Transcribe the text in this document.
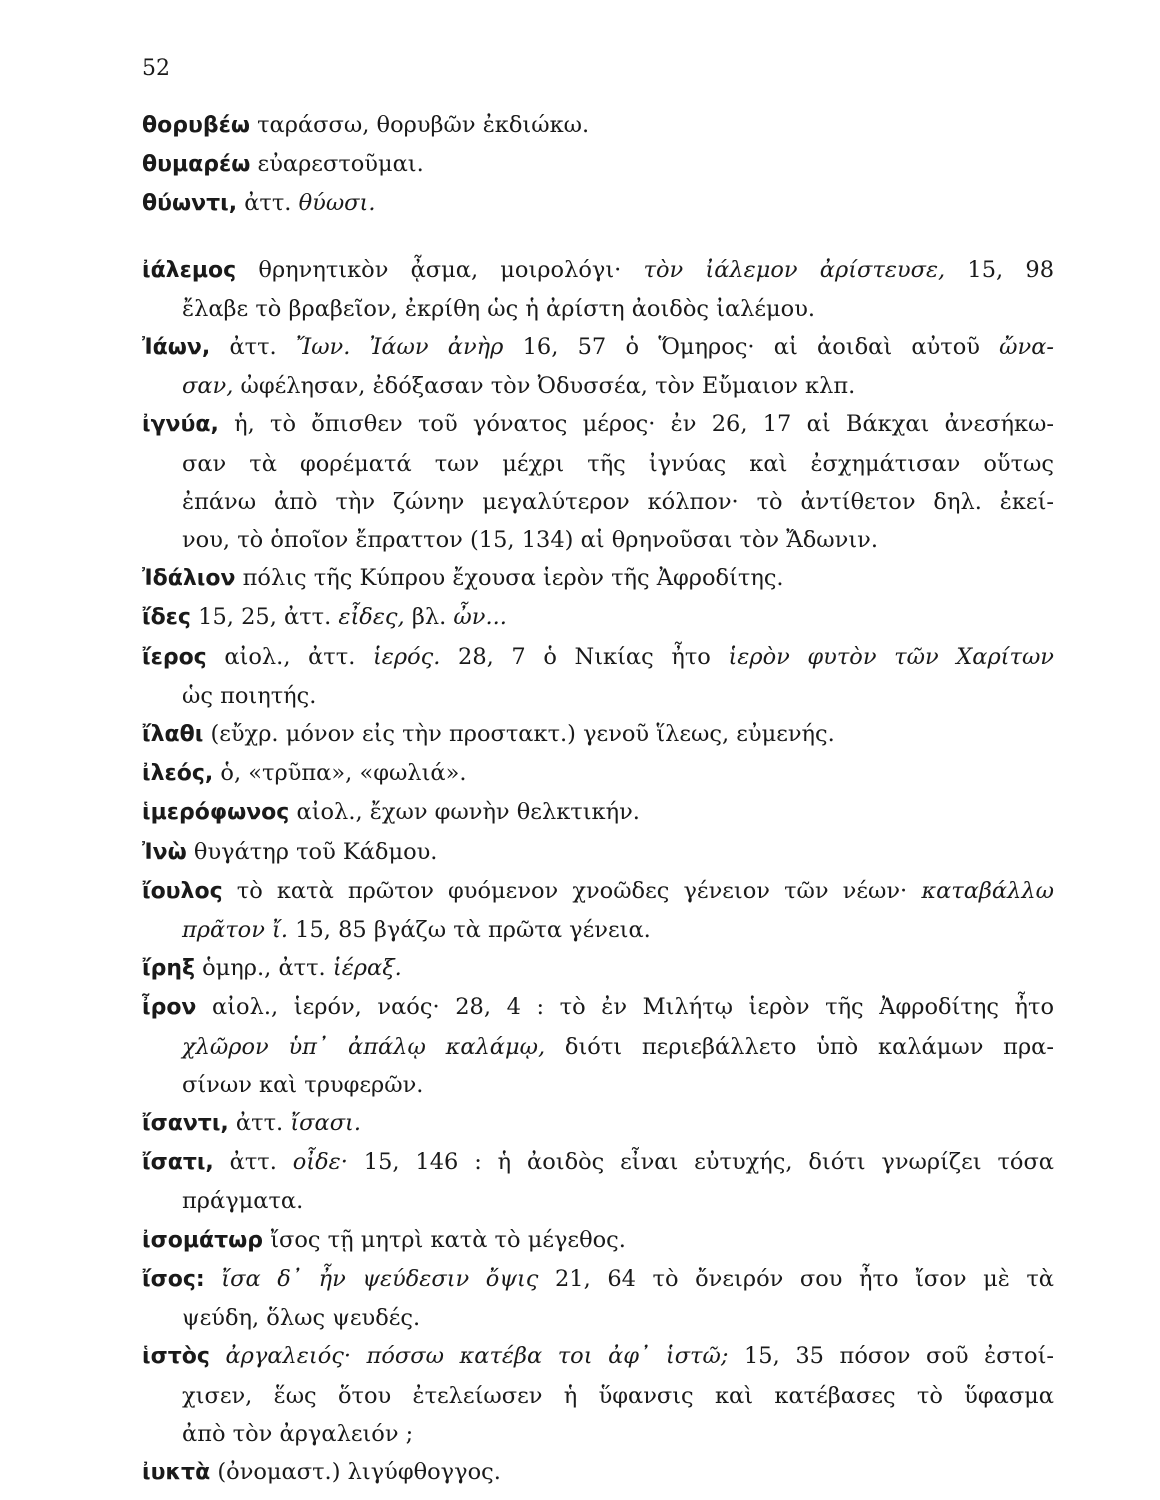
52
θορυβέω ταράσσω, θορυβῶν ἐκδιώκω.
θυμαρέω εὐαρεστοῦμαι.
θύωντι, ἀττ. θύωσι.
ἰάλεμος θρηνητικὸν ᾆσμα, μοιρολόγι· τὸν ἰάλεμον ἀρίστευσε, 15, 98
ἔλαβε τὸ βραβεῖον, ἐκρίθη ὡς ἡ ἀρίστη ἀοιδὸς ἰαλέμου.
Ἰάων, ἀττ. Ἴων. Ἰάων ἀνὴρ 16, 57 ὁ Ὅμηρος· αἱ ἀοιδαὶ αὐτοῦ ὤνα-
σαν, ὠφέλησαν, ἐδόξασαν τὸν Ὀδυσσέα, τὸν Εὔμαιον κλπ.
ἰγνύα, ἡ, τὸ ὄπισθεν τοῦ γόνατος μέρος· ἐν 26, 17 αἱ Βάκχαι ἀνεσήκω-
σαν τὰ φορέματά των μέχρι τῆς ἰγνύας καὶ ἐσχημάτισαν οὕτως
ἐπάνω ἀπὸ τὴν ζώνην μεγαλύτερον κόλπον· τὸ ἀντίθετον δηλ. ἐκεί-
νου, τὸ ὁποῖον ἔπραττον (15, 134) αἱ θρηνοῦσαι τὸν Ἄδωνιν.
Ἰδάλιον πόλις τῆς Κύπρου ἔχουσα ἱερὸν τῆς Ἀφροδίτης.
ἴδες 15, 25, ἀττ. εἶδες, βλ. ὦν...
ἴερος αἰολ., ἀττ. ἱερός. 28, 7 ὁ Νικίας ἦτο ἱερὸν φυτὸν τῶν Χαρίτων
ὡς ποιητής.
ἴλαθι (εὔχρ. μόνον εἰς τὴν προστακτ.) γενοῦ ἵλεως, εὐμενής.
ἰλεός, ὁ, «τρῦπα», «φωλιά».
ἱμερόφωνος αἰολ., ἔχων φωνὴν θελκτικήν.
Ἰνὼ θυγάτηρ τοῦ Κάδμου.
ἴουλος τὸ κατὰ πρῶτον φυόμενον χνοῶδες γένειον τῶν νέων· καταβάλλω
πρᾶτον ἴ. 15, 85 βγάζω τὰ πρῶτα γένεια.
ἴρηξ ὁμηρ., ἀττ. ἱέραξ.
ἶρον αἰολ., ἱερόν, ναός· 28, 4 : τὸ ἐν Μιλήτῳ ἱερὸν τῆς Ἀφροδίτης ἦτο
χλῶρον ὑπ᾿ ἀπάλῳ καλάμῳ, διότι περιεβάλλετο ὑπὸ καλάμων πρα-
σίνων καὶ τρυφερῶν.
ἴσαντι, ἀττ. ἴσασι.
ἴσατι, ἀττ. οἶδε· 15, 146 : ἡ ἀοιδὸς εἶναι εὐτυχής, διότι γνωρίζει τόσα
πράγματα.
ἰσομάτωρ ἴσος τῇ μητρὶ κατὰ τὸ μέγεθος.
ἴσος: ἴσα δ᾿ ἦν ψεύδεσιν ὄψις 21, 64 τὸ ὄνειρόν σου ἦτο ἴσον μὲ τὰ
ψεύδη, ὅλως ψευδές.
ἱστὸς ἀργαλειός· πόσσω κατέβα τοι ἀφ᾿ ἱστῶ; 15, 35 πόσον σοῦ ἐστοί-
χισεν, ἕως ὅτου ἐτελείωσεν ἡ ὕφανσις καὶ κατέβασες τὸ ὕφασμα
ἀπὸ τὸν ἀργαλειόν ;
ἰυκτὰ (ὀνομαστ.) λιγύφθογγος.
